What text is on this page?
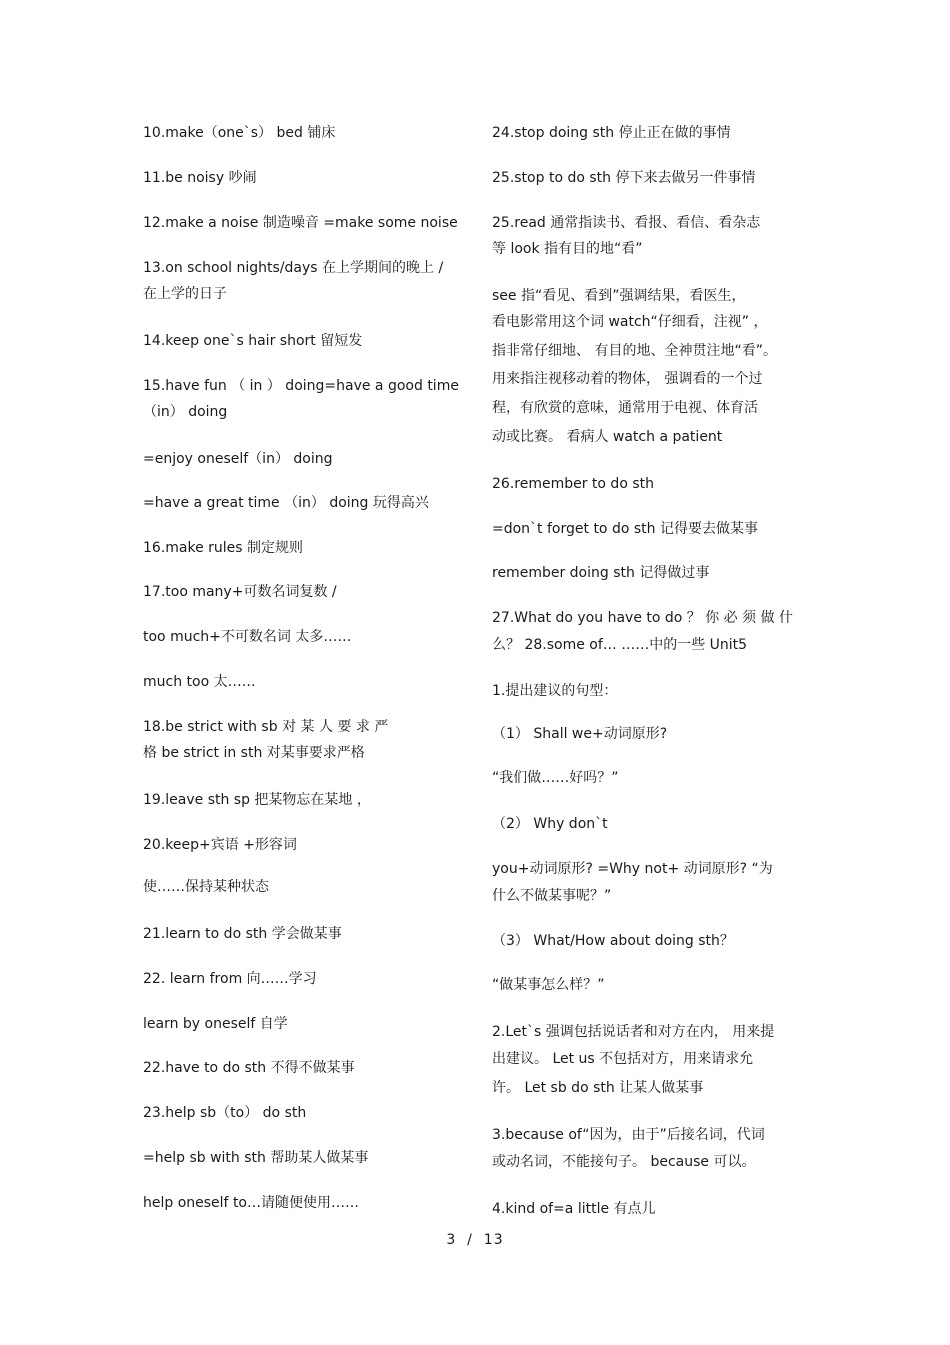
10.make（one`s） bed 铺床
11.be noisy 吵闹
12.make a noise 制造噪音 =make some noise
13.on school nights/days 在上学期间的晚上 /
在上学的日子
14.keep one`s hair short 留短发
15.have fun （ in ） doing=have a good time
（in） doing
=enjoy oneself（in） doing
=have a great time （in） doing 玩得高兴
16.make rules 制定规则
17.too many+可数名词复数 /
too much+不可数名词 太多……
much too 太……
18.be strict with sb 对 某 人 要 求 严
格 be strict in sth 对某事要求严格
19.leave sth sp 把某物忘在某地 ，
20.keep+宾语 +形容词
使……保持某种状态
21.learn to do sth 学会做某事
22. learn from 向……学习
learn by oneself 自学
22.have to do sth 不得不做某事
23.help sb（to） do sth
=help sb with sth 帮助某人做某事
help oneself to…请随便使用……
24.stop doing sth 停止正在做的事情
25.stop to do sth 停下来去做另一件事情
25.read 通常指读书、看报、看信、看杂志
等 look 指有目的地“看”
see 指“看见、看到”强调结果，看医生，
看电影常用这个词 watch“仔细看，注视” ，
指非常仔细地、 有目的地、全神贯注地“看”。
用来指注视移动着的物体， 强调看的一个过
程，有欣赏的意味，通常用于电视、体育活
动或比赛。 看病人 watch a patient
26.remember to do sth
=don`t forget to do sth 记得要去做某事
remember doing sth 记得做过事
27.What do you have to do ？ 你 必 须 做 什
么？ 28.some of… ……中的一些 Unit5
1.提出建议的句型：
（1） Shall we+动词原形?
“我们做……好吗？”
（2） Why don`t
you+动词原形? =Why not+ 动词原形? “为
什么不做某事呢？”
（3） What/How about doing sth？
“做某事怎么样？”
2.Let`s 强调包括说话者和对方在内， 用来提
出建议。 Let us 不包括对方，用来请求允
许。 Let sb do sth 让某人做某事
3.because of“因为，由于”后接名词，代词
或动名词，不能接句子。 because 可以。
4.kind of=a little 有点儿
3  /  13
